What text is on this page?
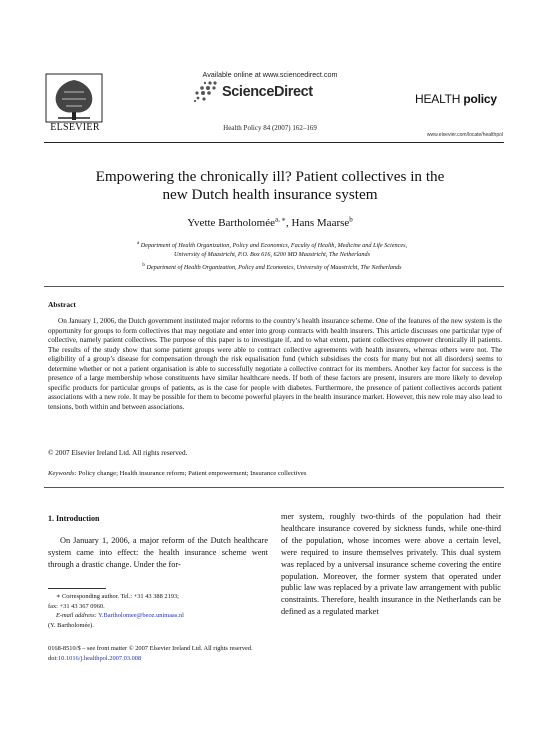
ELSEVIER
Available online at www.sciencedirect.com
ScienceDirect
Health Policy 84 (2007) 162–169
HEALTH policy
www.elsevier.com/locate/healthpol
Empowering the chronically ill? Patient collectives in the
new Dutch health insurance system
Yvette Bartholomée$^{a, ∗}$, Hans Maarse$^b$
$^a$ Department of Health Organization, Policy and Economics, Faculty of Health, Medicine and Life Sciences,
University of Maastricht, P.O. Box 616, 6200 MD Maastricht, The Netherlands
$^b$ Department of Health Organization, Policy and Economics, University of Maastricht, The Netherlands
Abstract
On January 1, 2006, the Dutch government instituted major reforms to the country’s health insurance scheme. One of the features of the new system is the opportunity for groups to form collectives that may negotiate and enter into group contracts with health insurers. This article discusses one particular type of collective, namely patient collectives. The purpose of this paper is to investigate if, and to what extent, patient collectives empower chronically ill patients. The results of the study show that some patient groups were able to contract collective agreements with health insurers, whereas others were not. The eligibility of a group’s disease for compensation through the risk equalisation fund (which subsidises the costs for many but not all disorders) seems to determine whether or not a patient organisation is able to successfully negotiate a collective contract for its members. Another key factor for success is the presence of a large membership whose constituents have similar healthcare needs. If both of these factors are present, insurers are more likely to develop specific products for particular groups of patients, as is the case for people with diabetes. Furthermore, the presence of patient collectives accords patient associations with a new role. It may be possible for them to become powerful players in the health insurance market. However, this new role may also lead to tensions, both within and between associations.
© 2007 Elsevier Ireland Ltd. All rights reserved.
Keywords: Policy change; Health insurance reform; Patient empowerment; Insurance collectives
1. Introduction
On January 1, 2006, a major reform of the Dutch healthcare system came into effect: the health insurance scheme went through a drastic change. Under the for-
mer system, roughly two-thirds of the population had their healthcare insurance covered by sickness funds, while one-third of the population, whose incomes were above a certain level, were required to insure themselves privately. This dual system was replaced by a universal insurance scheme covering the entire population. Moreover, the former system that operated under public law was replaced by a private law arrangement with public constraints. Therefore, health insurance in the Netherlands can be defined as a regulated market
∗ Corresponding author. Tel.: +31 43 388 2193;
fax: +31 43 367 0960.
E-mail address: Y.Bartholomee@beoz.unimaas.nl
(Y. Bartholomée).
0168-8510/$ – see front matter © 2007 Elsevier Ireland Ltd. All rights reserved.
doi:10.1016/j.healthpol.2007.03.008
